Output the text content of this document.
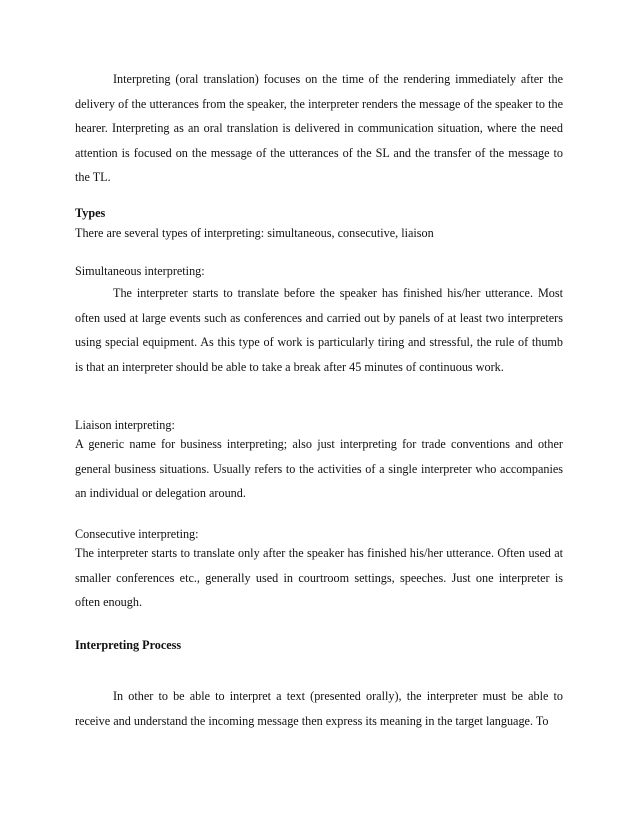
Interpreting (oral translation) focuses on the time of the rendering immediately after the delivery of the utterances from the speaker, the interpreter renders the message of the speaker to the hearer. Interpreting as an oral translation is delivered in communication situation, where the need attention is focused on the message of the utterances of the SL and the transfer of the message to the TL.

Types
There are several types of interpreting: simultaneous, consecutive, liaison
Simultaneous interpreting:

The interpreter starts to translate before the speaker has finished his/her utterance. Most often used at large events such as conferences and carried out by panels of at least two interpreters using special equipment. As this type of work is particularly tiring and stressful, the rule of thumb is that an interpreter should be able to take a break after 45 minutes of continuous work.

Liaison interpreting:

A generic name for business interpreting; also just interpreting for trade conventions and other general business situations. Usually refers to the activities of a single interpreter who accompanies an individual or delegation around.

Consecutive interpreting:

The interpreter starts to translate only after the speaker has finished his/her utterance. Often used at smaller conferences etc., generally used in courtroom settings, speeches. Just one interpreter is often enough.

Interpreting Process

In other to be able to interpret a text (presented orally), the interpreter must be able to receive and understand the incoming message then express its meaning in the target language. To
